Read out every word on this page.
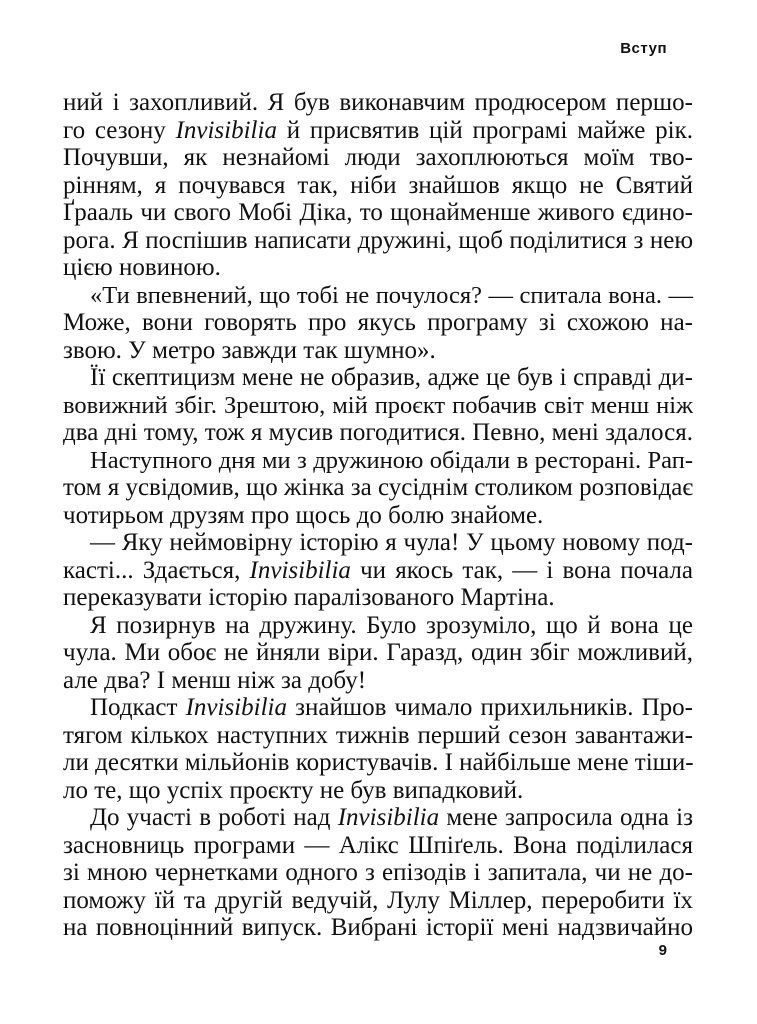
Вступ
ний і захопливий. Я був виконавчим продюсером першо-
го сезону Invisibilia й присвятив цій програмі майже рік.
Почувши, як незнайомі люди захоплюються моїм тво-
рінням, я почувався так, ніби знайшов якщо не Святий
Ґрааль чи свого Мобі Діка, то щонайменше живого єдино-
рога. Я поспішив написати дружині, щоб поділитися з нею
цією новиною.
«Ти впевнений, що тобі не почулося? — спитала вона. —
Може, вони говорять про якусь програму зі схожою на-
звою. У метро завжди так шумно».
Її скептицизм мене не образив, адже це був і справді ди-
вовижний збіг. Зрештою, мій проєкт побачив світ менш ніж
два дні тому, тож я мусив погодитися. Певно, мені здалося.
Наступного дня ми з дружиною обідали в ресторані. Рап-
том я усвідомив, що жінка за сусіднім столиком розповідає
чотирьом друзям про щось до болю знайоме.
— Яку неймовірну історію я чула! У цьому новому под-
касті... Здається, Invisibilia чи якось так, — і вона почала
переказувати історію паралізованого Мартіна.
Я позирнув на дружину. Було зрозуміло, що й вона це
чула. Ми обоє не йняли віри. Гаразд, один збіг можливий,
але два? І менш ніж за добу!
Подкаст Invisibilia знайшов чимало прихильників. Про-
тягом кількох наступних тижнів перший сезон завантажи-
ли десятки мільйонів користувачів. І найбільше мене тіши-
ло те, що успіх проєкту не був випадковий.
До участі в роботі над Invisibilia мене запросила одна із
засновниць програми — Алікс Шпіґель. Вона поділилася
зі мною чернетками одного з епізодів і запитала, чи не до-
поможу їй та другій ведучій, Лулу Міллер, переробити їх
на повноцінний випуск. Вибрані історії мені надзвичайно
9
